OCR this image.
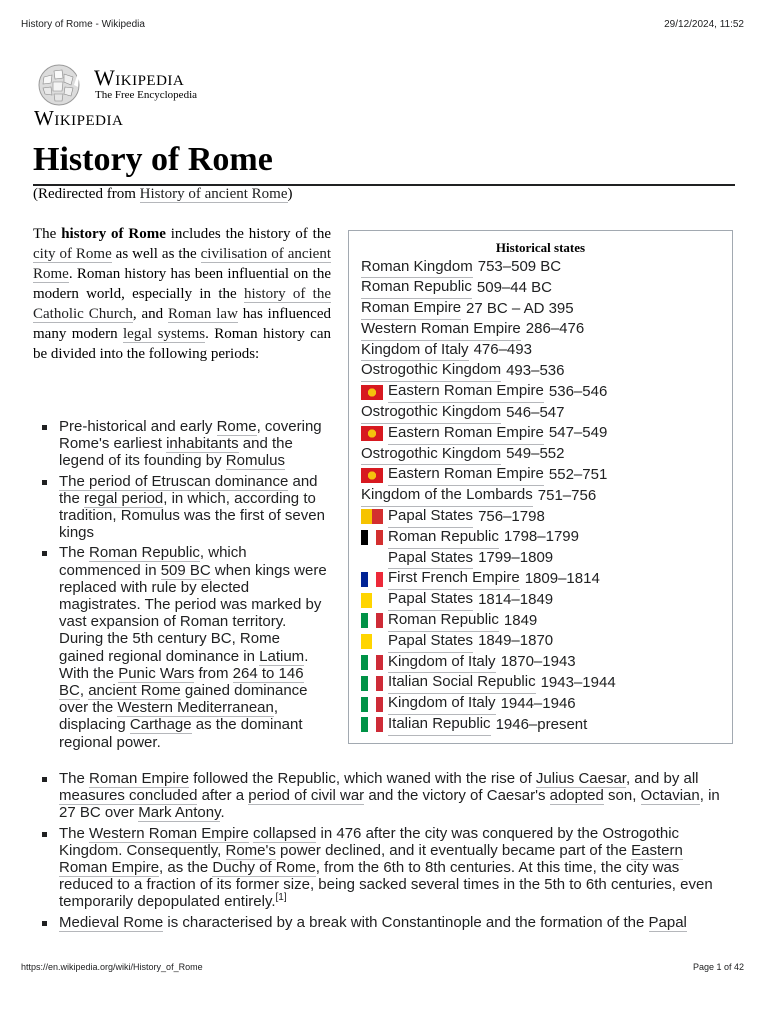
History of Rome - Wikipedia	29/12/2024, 11:52
Wikipedia
The Free Encyclopedia
Wikipedia
History of Rome
(Redirected from History of ancient Rome)

The history of Rome includes the history of the city of Rome as well as the civilisation of ancient Rome. Roman history has been influential on the modern world, especially in the history of the Catholic Church, and Roman law has influenced many modern legal systems. Roman history can be divided into the following periods:

Historical states
Roman Kingdom 753–509 BC
Roman Republic 509–44 BC
Roman Empire 27 BC – AD 395
Western Roman Empire 286–476
Kingdom of Italy 476–493
Ostrogothic Kingdom 493–536
Eastern Roman Empire 536–546
Ostrogothic Kingdom 546–547
Eastern Roman Empire 547–549
Ostrogothic Kingdom 549–552
Eastern Roman Empire 552–751
Kingdom of the Lombards 751–756
Papal States 756–1798
Roman Republic 1798–1799
Papal States 1799–1809
First French Empire 1809–1814
Papal States 1814–1849
Roman Republic 1849
Papal States 1849–1870
Kingdom of Italy 1870–1943
Italian Social Republic 1943–1944
Kingdom of Italy 1944–1946
Italian Republic 1946–present
Pre-historical and early Rome, covering Rome's earliest inhabitants and the legend of its founding by Romulus
The period of Etruscan dominance and the regal period, in which, according to tradition, Romulus was the first of seven kings
The Roman Republic, which commenced in 509 BC when kings were replaced with rule by elected magistrates. The period was marked by vast expansion of Roman territory. During the 5th century BC, Rome gained regional dominance in Latium. With the Punic Wars from 264 to 146 BC, ancient Rome gained dominance over the Western Mediterranean, displacing Carthage as the dominant regional power.
The Roman Empire followed the Republic, which waned with the rise of Julius Caesar, and by all measures concluded after a period of civil war and the victory of Caesar's adopted son, Octavian, in 27 BC over Mark Antony.
The Western Roman Empire collapsed in 476 after the city was conquered by the Ostrogothic Kingdom. Consequently, Rome's power declined, and it eventually became part of the Eastern Roman Empire, as the Duchy of Rome, from the 6th to 8th centuries. At this time, the city was reduced to a fraction of its former size, being sacked several times in the 5th to 6th centuries, even temporarily depopulated entirely.[1]
Medieval Rome is characterised by a break with Constantinople and the formation of the Papal
https://en.wikipedia.org/wiki/History_of_Rome	Page 1 of 42
